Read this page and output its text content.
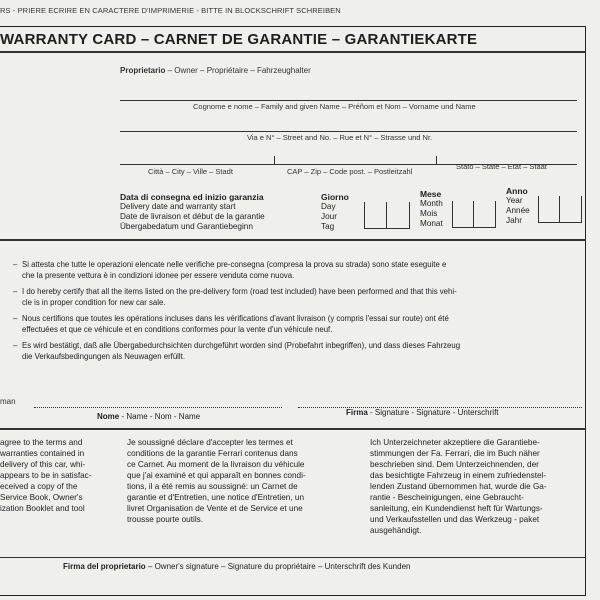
RS - PRIERE ECRIRE EN CARACTERE D'IMPRIMERIE - BITTE IN BLOCKSCHRIFT SCHREIBEN
WARRANTY CARD – CARNET DE GARANTIE – GARANTIEKARTE
Proprietario – Owner – Propriétaire – Fahrzeughalter
Cognome e nome – Family and given Name – Préñom et Nom – Vorname und Name
Via e N° – Street and No. – Rue et N° – Strasse und Nr.
Città – City – Ville – Stadt	CAP – Zip – Code post. – Postleitzahl
Stato – State – Etat – Staat
Data di consegna ed inizio garanzia
Delivery date and warranty start
Date de livraison et début de la garantie
Übergabedatum und Garantiebeginn
Giorno
Day
Jour
Tag
Mese
Month
Mois
Monat
Anno
Year
Année
Jahr
– Si attesta che tutte le operazioni elencate nelle verifiche pre-consegna (compresa la prova su strada) sono state eseguite e
che la presente vettura è in condizioni idonee per essere venduta come nuova.
– I do hereby certify that all the items listed on the pre-delivery form (road test included) have been performed and that this vehi-
cle is in proper condition for new car sale.
– Nous certifions que toutes les opérations incluses dans les vérifications d'avant livraison (y compris l'essai sur route) ont été
effectuées et que ce véhicule et en conditions conformes pour la vente d'un véhicule neuf.
– Es wird bestätigt, daß alle Übergabedurchsichten durchgeführt worden sind (Probefahrt inbegriffen), und dass dieses Fahrzeug
die Verkaufsbedingungen als Neuwagen erfüllt.
man
Nome - Name - Nom - Name	Firma - Signature - Signature - Unterschrift
agree to the terms and
warranties contained in
delivery of this car, whi-
appears to be in satisfac-
eceived a copy of the
Service Book, Owner's
ization Booklet and tool
Je soussigné déclare d'accepter les termes et
conditions de la garantie Ferrari contenus dans
ce Carnet. Au moment de la livraison du véhicule
que j'ai examiné et qui apparaît en bonnes condi-
tions, il a été remis au soussigné: un Carnet de
garantie et d'Entretien, une notice d'Entretien, un
livret Organisation de Vente et de Service et une
trousse pourte outils.
Ich Unterzeichneter akzeptiere die Garantiebe-
stimmungen der Fa. Ferrari, die im Buch näher
beschrieben sind. Dem Unterzeichnenden, der
das besichtigte Fahrzeug in einem zufriedenstel-
lenden Zustand übernommen hat, wurde die Ga-
rantie - Bescheinigungen, eine Gebraucht-
sanleitung, ein Kundendienst heft für Wartungs-
und Verkaufsstellen und das Werkzeug - paket
ausgehändigt.
Firma del proprietario – Owner's signature – Signature du propriétaire – Unterschrift des Kunden
